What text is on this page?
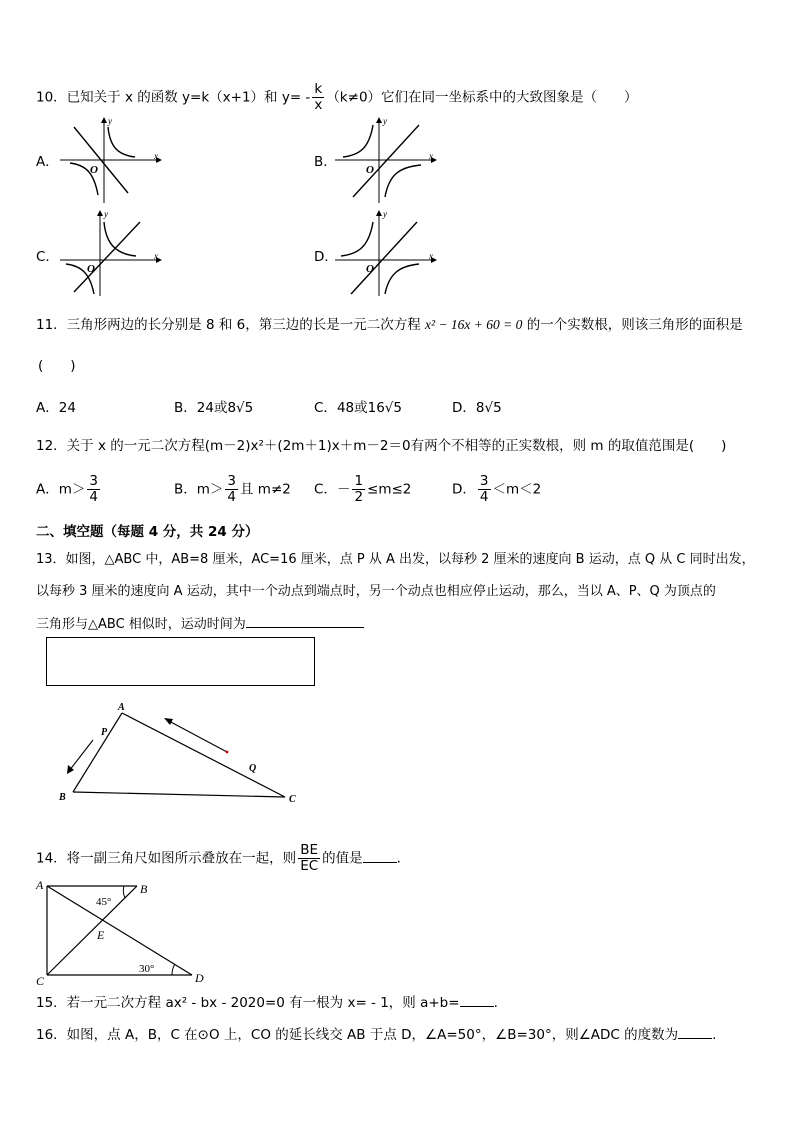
10．已知关于 x 的函数 y=k（x+1）和 $y= - \frac{k}{x} (k\ne 0)$它们在同一坐标系中的大致图象是（　　）
A．	B．
C．	D．
x
y
O
x
y
O
x
y
O
x
y
O
11．三角形两边的长分别是 8 和 6，第三边的长是一元二次方程 x² − 16x + 60 = 0 的一个实数根，则该三角形的面积是
(　　)
A．24	B．24或8√5	C．48或16√5	D．8√5
12．关于 x 的一元二次方程(m－2)x²＋(2m＋1)x＋m－2＝0有两个不相等的正实数根，则 m 的取值范围是(　　)
A．$m> \frac{3}{4}$	B．$m> \frac{3}{4}$ 且 m≠2 C．－ $\frac{1}{2} \le m\le 2$	D． $\frac{3}{4} <m<2$
二、填空题（每题 4 分，共 24 分）
13．如图，△ABC 中，AB=8 厘米，AC=16 厘米，点 P 从 A 出发，以每秒 2 厘米的速度向 B 运动，点 Q 从 C 同时出发，
以每秒 3 厘米的速度向 A 运动，其中一个动点到端点时，另一个动点也相应停止运动，那么，当以 A、P、Q 为顶点的
三角形与△ABC 相似时，运动时间为
A
B	C
P
Q
14．将一副三角尺如图所示叠放在一起，则 $\frac{BE}{EC}$ 的值是	.
A	B
C	D
E
45°
30°
15．若一元二次方程 ax² - bx - 2020=0 有一根为 x= - 1，则 a+b=	.
16．如图，点 A，B，C 在⊙O 上，CO 的延长线交 AB 于点 D，∠A=50°，∠B=30°，则∠ADC 的度数为	.
